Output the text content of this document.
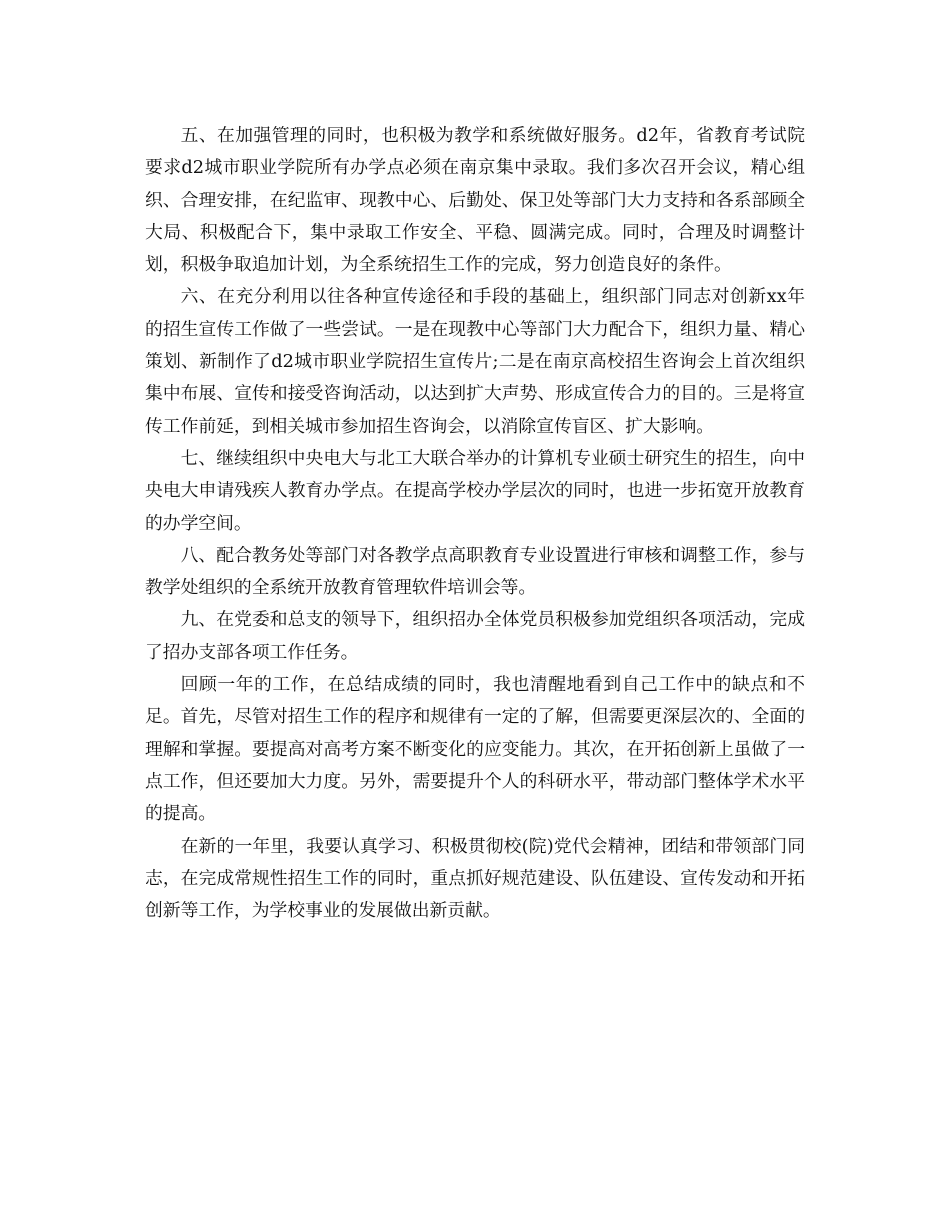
五、在加强管理的同时，也积极为教学和系统做好服务。d2年，省教育考试院要求d2城市职业学院所有办学点必须在南京集中录取。我们多次召开会议，精心组织、合理安排，在纪监审、现教中心、后勤处、保卫处等部门大力支持和各系部顾全大局、积极配合下，集中录取工作安全、平稳、圆满完成。同时，合理及时调整计划，积极争取追加计划，为全系统招生工作的完成，努力创造良好的条件。

六、在充分利用以往各种宣传途径和手段的基础上，组织部门同志对创新xx年的招生宣传工作做了一些尝试。一是在现教中心等部门大力配合下，组织力量、精心策划、新制作了d2城市职业学院招生宣传片;二是在南京高校招生咨询会上首次组织集中布展、宣传和接受咨询活动，以达到扩大声势、形成宣传合力的目的。三是将宣传工作前延，到相关城市参加招生咨询会，以消除宣传盲区、扩大影响。

七、继续组织中央电大与北工大联合举办的计算机专业硕士研究生的招生，向中央电大申请残疾人教育办学点。在提高学校办学层次的同时，也进一步拓宽开放教育的办学空间。

八、配合教务处等部门对各教学点高职教育专业设置进行审核和调整工作，参与教学处组织的全系统开放教育管理软件培训会等。

九、在党委和总支的领导下，组织招办全体党员积极参加党组织各项活动，完成了招办支部各项工作任务。

回顾一年的工作，在总结成绩的同时，我也清醒地看到自己工作中的缺点和不足。首先，尽管对招生工作的程序和规律有一定的了解，但需要更深层次的、全面的理解和掌握。要提高对高考方案不断变化的应变能力。其次，在开拓创新上虽做了一点工作，但还要加大力度。另外，需要提升个人的科研水平，带动部门整体学术水平的提高。

在新的一年里，我要认真学习、积极贯彻校(院)党代会精神，团结和带领部门同志，在完成常规性招生工作的同时，重点抓好规范建设、队伍建设、宣传发动和开拓创新等工作，为学校事业的发展做出新贡献。
